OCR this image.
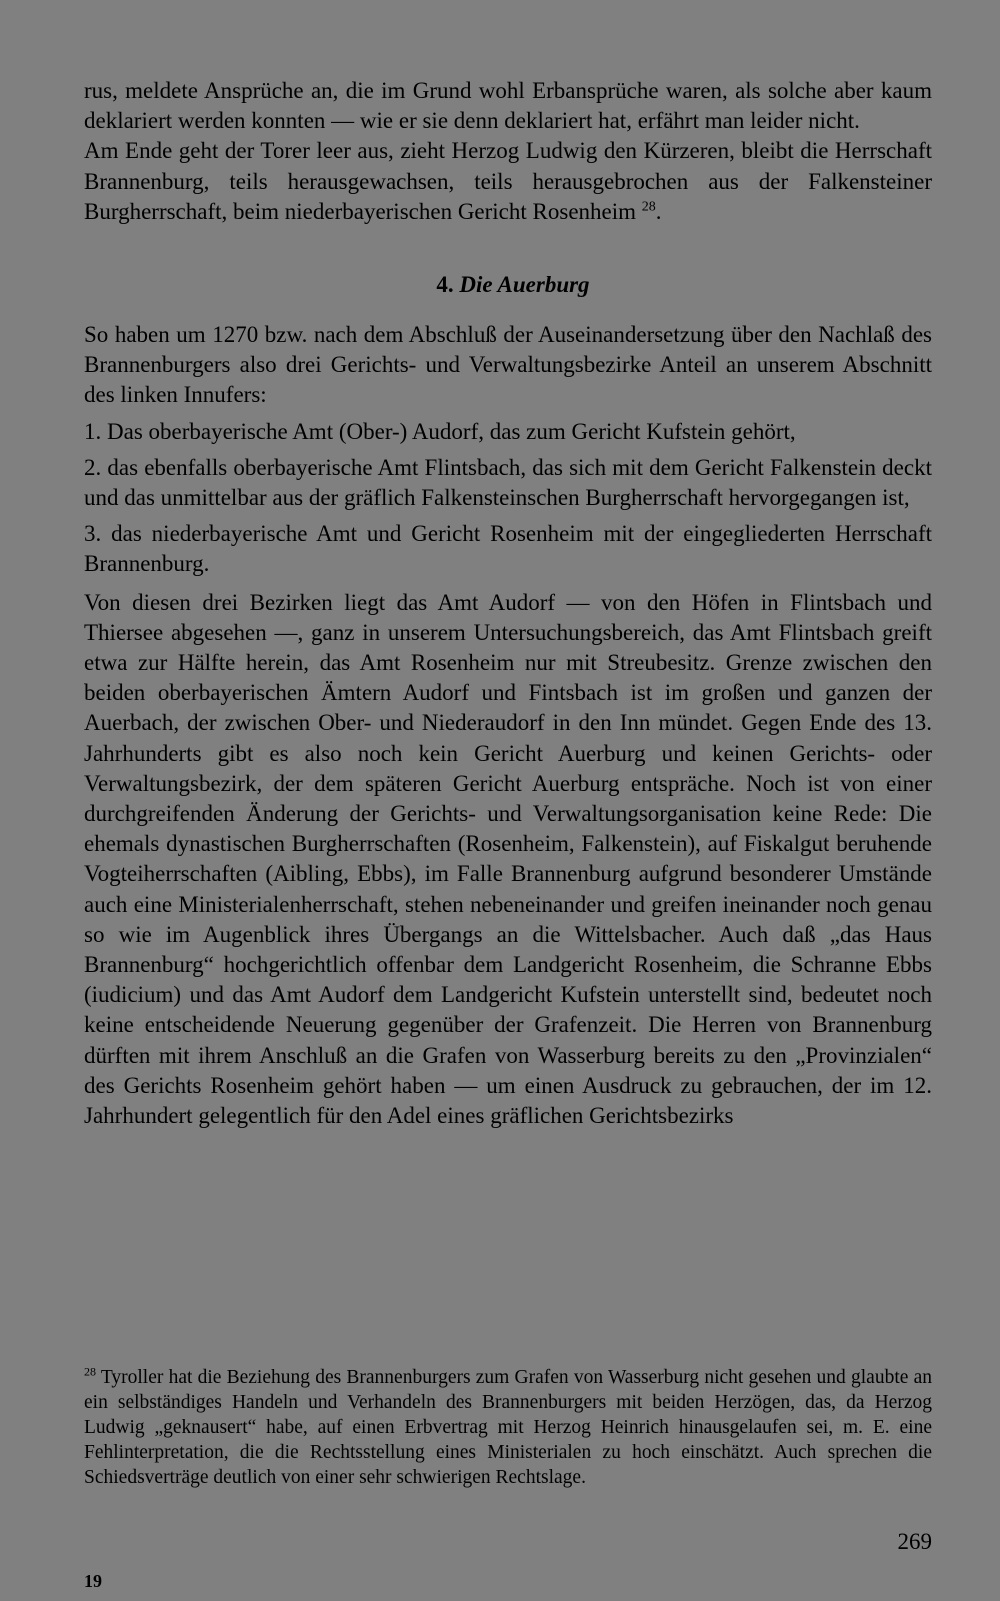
rus, meldete Ansprüche an, die im Grund wohl Erbansprüche waren, als solche aber kaum deklariert werden konnten — wie er sie denn deklariert hat, erfährt man leider nicht.

Am Ende geht der Torer leer aus, zieht Herzog Ludwig den Kürzeren, bleibt die Herrschaft Brannenburg, teils herausgewachsen, teils herausgebrochen aus der Falkensteiner Burgherrschaft, beim niederbayerischen Gericht Rosenheim $^{28}$.

4. Die Auerburg

So haben um 1270 bzw. nach dem Abschluß der Auseinandersetzung über den Nachlaß des Brannenburgers also drei Gerichts- und Verwaltungsbezirke Anteil an unserem Abschnitt des linken Innufers:

1. Das oberbayerische Amt (Ober-) Audorf, das zum Gericht Kufstein gehört,

2. das ebenfalls oberbayerische Amt Flintsbach, das sich mit dem Gericht Falkenstein deckt und das unmittelbar aus der gräflich Falkensteinschen Burgherrschaft hervorgegangen ist,

3. das niederbayerische Amt und Gericht Rosenheim mit der eingegliederten Herrschaft Brannenburg.

Von diesen drei Bezirken liegt das Amt Audorf — von den Höfen in Flintsbach und Thiersee abgesehen —, ganz in unserem Untersuchungsbereich, das Amt Flintsbach greift etwa zur Hälfte herein, das Amt Rosenheim nur mit Streubesitz. Grenze zwischen den beiden oberbayerischen Ämtern Audorf und Fintsbach ist im großen und ganzen der Auerbach, der zwischen Ober- und Niederaudorf in den Inn mündet. Gegen Ende des 13. Jahrhunderts gibt es also noch kein Gericht Auerburg und keinen Gerichts- oder Verwaltungsbezirk, der dem späteren Gericht Auerburg entspräche. Noch ist von einer durchgreifenden Änderung der Gerichts- und Verwaltungsorganisation keine Rede: Die ehemals dynastischen Burgherrschaften (Rosenheim, Falkenstein), auf Fiskalgut beruhende Vogteiherrschaften (Aibling, Ebbs), im Falle Brannenburg aufgrund besonderer Umstände auch eine Ministerialenherrschaft, stehen nebeneinander und greifen ineinander noch genau so wie im Augenblick ihres Übergangs an die Wittelsbacher. Auch daß „das Haus Brannenburg“ hochgerichtlich offenbar dem Landgericht Rosenheim, die Schranne Ebbs (iudicium) und das Amt Audorf dem Landgericht Kufstein unterstellt sind, bedeutet noch keine entscheidende Neuerung gegenüber der Grafenzeit. Die Herren von Brannenburg dürften mit ihrem Anschluß an die Grafen von Wasserburg bereits zu den „Provinzialen“ des Gerichts Rosenheim gehört haben — um einen Ausdruck zu gebrauchen, der im 12. Jahrhundert gelegentlich für den Adel eines gräflichen Gerichtsbezirks

$^{28}$ Tyroller hat die Beziehung des Brannenburgers zum Grafen von Wasserburg nicht gesehen und glaubte an ein selbständiges Handeln und Verhandeln des Brannenburgers mit beiden Herzögen, das, da Herzog Ludwig „geknausert“ habe, auf einen Erbvertrag mit Herzog Heinrich hinausgelaufen sei, m. E. eine Fehlinterpretation, die die Rechtsstellung eines Ministerialen zu hoch einschätzt. Auch sprechen die Schiedsverträge deutlich von einer sehr schwierigen Rechtslage.

269
19
